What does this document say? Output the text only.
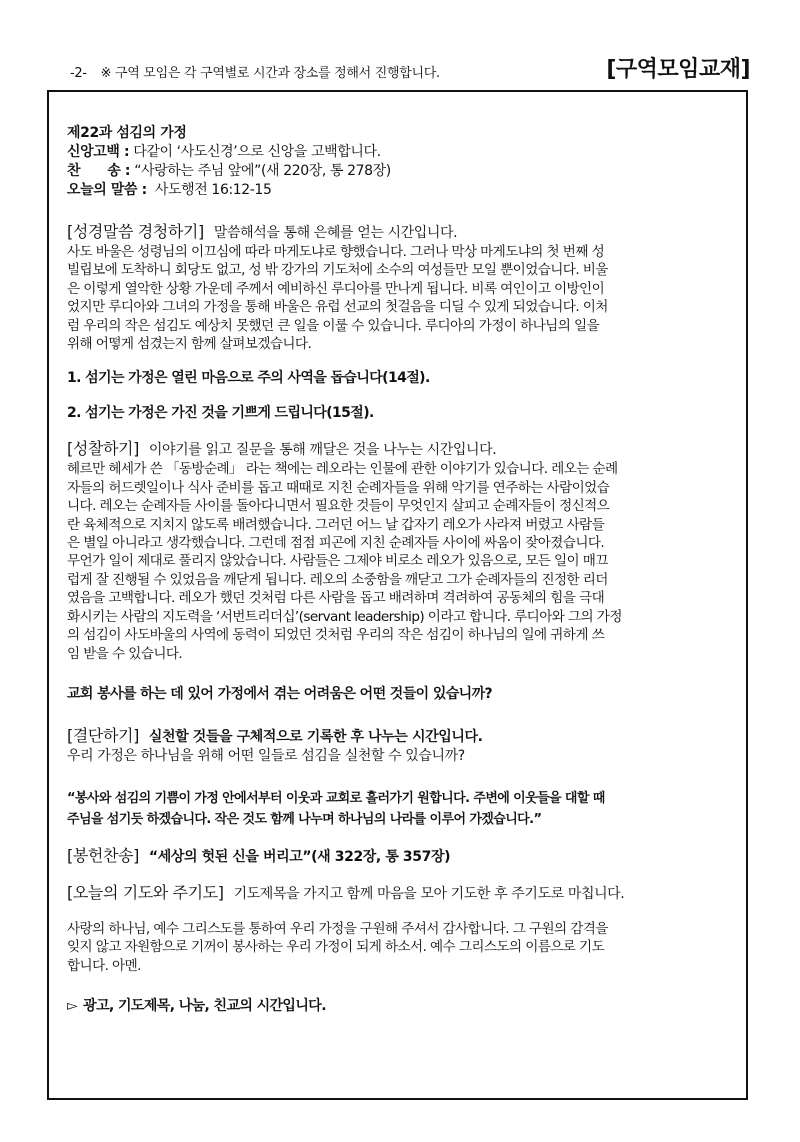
-2- ※ 구역 모임은 각 구역별로 시간과 장소를 정해서 진행합니다.	[구역모임교재]
제22과 섬김의 가정
신앙고백 : 다같이 ‘사도신경’으로 신앙을 고백합니다.
찬　　송 : “사랑하는 주님 앞에”(새 220장, 통 278장)
오늘의 말씀 : 사도행전 16:12-15
[성경말씀 경청하기] 말씀해석을 통해 은혜를 얻는 시간입니다.
사도 바울은 성령님의 이끄심에 따라 마게도냐로 향했습니다. 그러나 막상 마게도냐의 첫 번째 성
빌립보에 도착하니 회당도 없고, 성 밖 강가의 기도처에 소수의 여성들만 모일 뿐이었습니다. 비울
은 이렇게 열악한 상황 가운데 주께서 예비하신 루디아를 만나게 됩니다. 비록 여인이고 이방인이
었지만 루디아와 그녀의 가정을 통해 바울은 유럽 선교의 첫걸음을 디딜 수 있게 되었습니다. 이처
럼 우리의 작은 섬김도 예상치 못했던 큰 일을 이룰 수 있습니다. 루디아의 가정이 하나님의 일을
위해 어떻게 섬겼는지 함께 살펴보겠습니다.
1. 섬기는 가정은 열린 마음으로 주의 사역을 돕습니다(14절).
2. 섬기는 가정은 가진 것을 기쁘게 드립니다(15절).
[성찰하기] 이야기를 읽고 질문을 통해 깨달은 것을 나누는 시간입니다.
헤르만 헤세가 쓴 「동방순례」 라는 책에는 레오라는 인물에 관한 이야기가 있습니다. 레오는 순례
자들의 허드렛일이나 식사 준비를 돕고 때때로 지친 순례자들을 위해 악기를 연주하는 사람이었습
니다. 레오는 순례자들 사이를 돌아다니면서 필요한 것들이 무엇인지 살피고 순례자들이 정신적으
란 육체적으로 지치지 않도록 배려했습니다. 그러던 어느 날 갑자기 레오가 사라져 버렸고 사람들
은 별일 아니라고 생각했습니다. 그런데 점점 피곤에 지친 순례자들 사이에 싸움이 잦아졌습니다.
무언가 일이 제대로 풀리지 않았습니다. 사람들은 그제야 비로소 레오가 있음으로, 모든 일이 매끄
럽게 잘 진행될 수 있었음을 깨닫게 됩니다. 레오의 소중함을 깨닫고 그가 순례자들의 진정한 리더
였음을 고백합니다. 레오가 했던 것처럼 다른 사람을 돕고 배려하며 격려하여 공동체의 힘을 극대
화시키는 사람의 지도력을 ‘서번트리더십’(servant leadership) 이라고 합니다. 루디아와 그의 가정
의 섬김이 사도바울의 사역에 동력이 되었던 것처럼 우리의 작은 섬김이 하나님의 일에 귀하게 쓰
임 받을 수 있습니다.
교회 봉사를 하는 데 있어 가정에서 겪는 어려움은 어떤 것들이 있습니까?
[결단하기] 실천할 것들을 구체적으로 기록한 후 나누는 시간입니다.
우리 가정은 하나님을 위해 어떤 일들로 섬김을 실천할 수 있습니까?
“봉사와 섬김의 기쁨이 가정 안에서부터 이웃과 교회로 흘러가기 원합니다. 주변에 이웃들을 대할 때
주님을 섬기듯 하겠습니다. 작은 것도 함께 나누며 하나님의 나라를 이루어 가겠습니다.”
[봉헌찬송] “세상의 헛된 신을 버리고”(새 322장, 통 357장)
[오늘의 기도와 주기도] 기도제목을 가지고 함께 마음을 모아 기도한 후 주기도로 마칩니다.
사랑의 하나님, 예수 그리스도를 통하여 우리 가정을 구원해 주셔서 감사합니다. 그 구원의 감격을
잊지 않고 자원함으로 기꺼이 봉사하는 우리 가정이 되게 하소서. 예수 그리스도의 이름으로 기도
합니다. 아멘.
▻ 광고, 기도제목, 나눔, 친교의 시간입니다.
